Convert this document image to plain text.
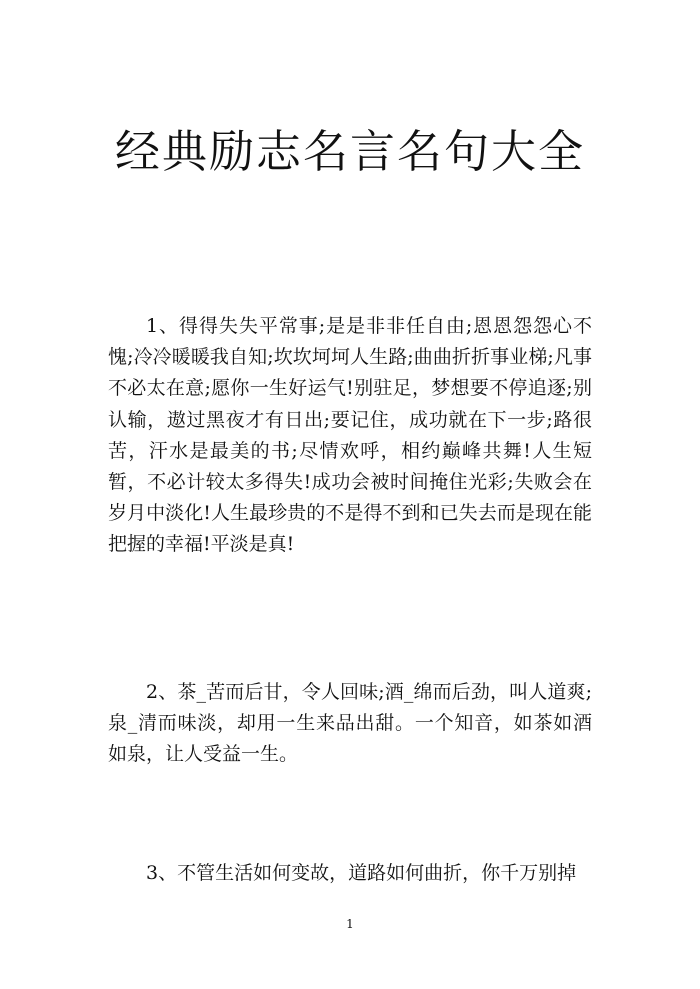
经典励志名言名句大全

1、得得失失平常事;是是非非任自由;恩恩怨怨心不愧;冷冷暖暖我自知;坎坎坷坷人生路;曲曲折折事业梯;凡事不必太在意;愿你一生好运气!别驻足，梦想要不停追逐;别认输，遨过黑夜才有日出;要记住，成功就在下一步;路很苦，汗水是最美的书;尽情欢呼，相约巅峰共舞!人生短暂，不必计较太多得失!成功会被时间掩住光彩;失败会在岁月中淡化!人生最珍贵的不是得不到和已失去而是现在能把握的幸福!平淡是真!

2、茶_苦而后甘，令人回味;酒_绵而后劲，叫人道爽;泉_清而味淡，却用一生来品出甜。一个知音，如茶如酒如泉，让人受益一生。

3、不管生活如何变故，道路如何曲折，你千万别掉

1
